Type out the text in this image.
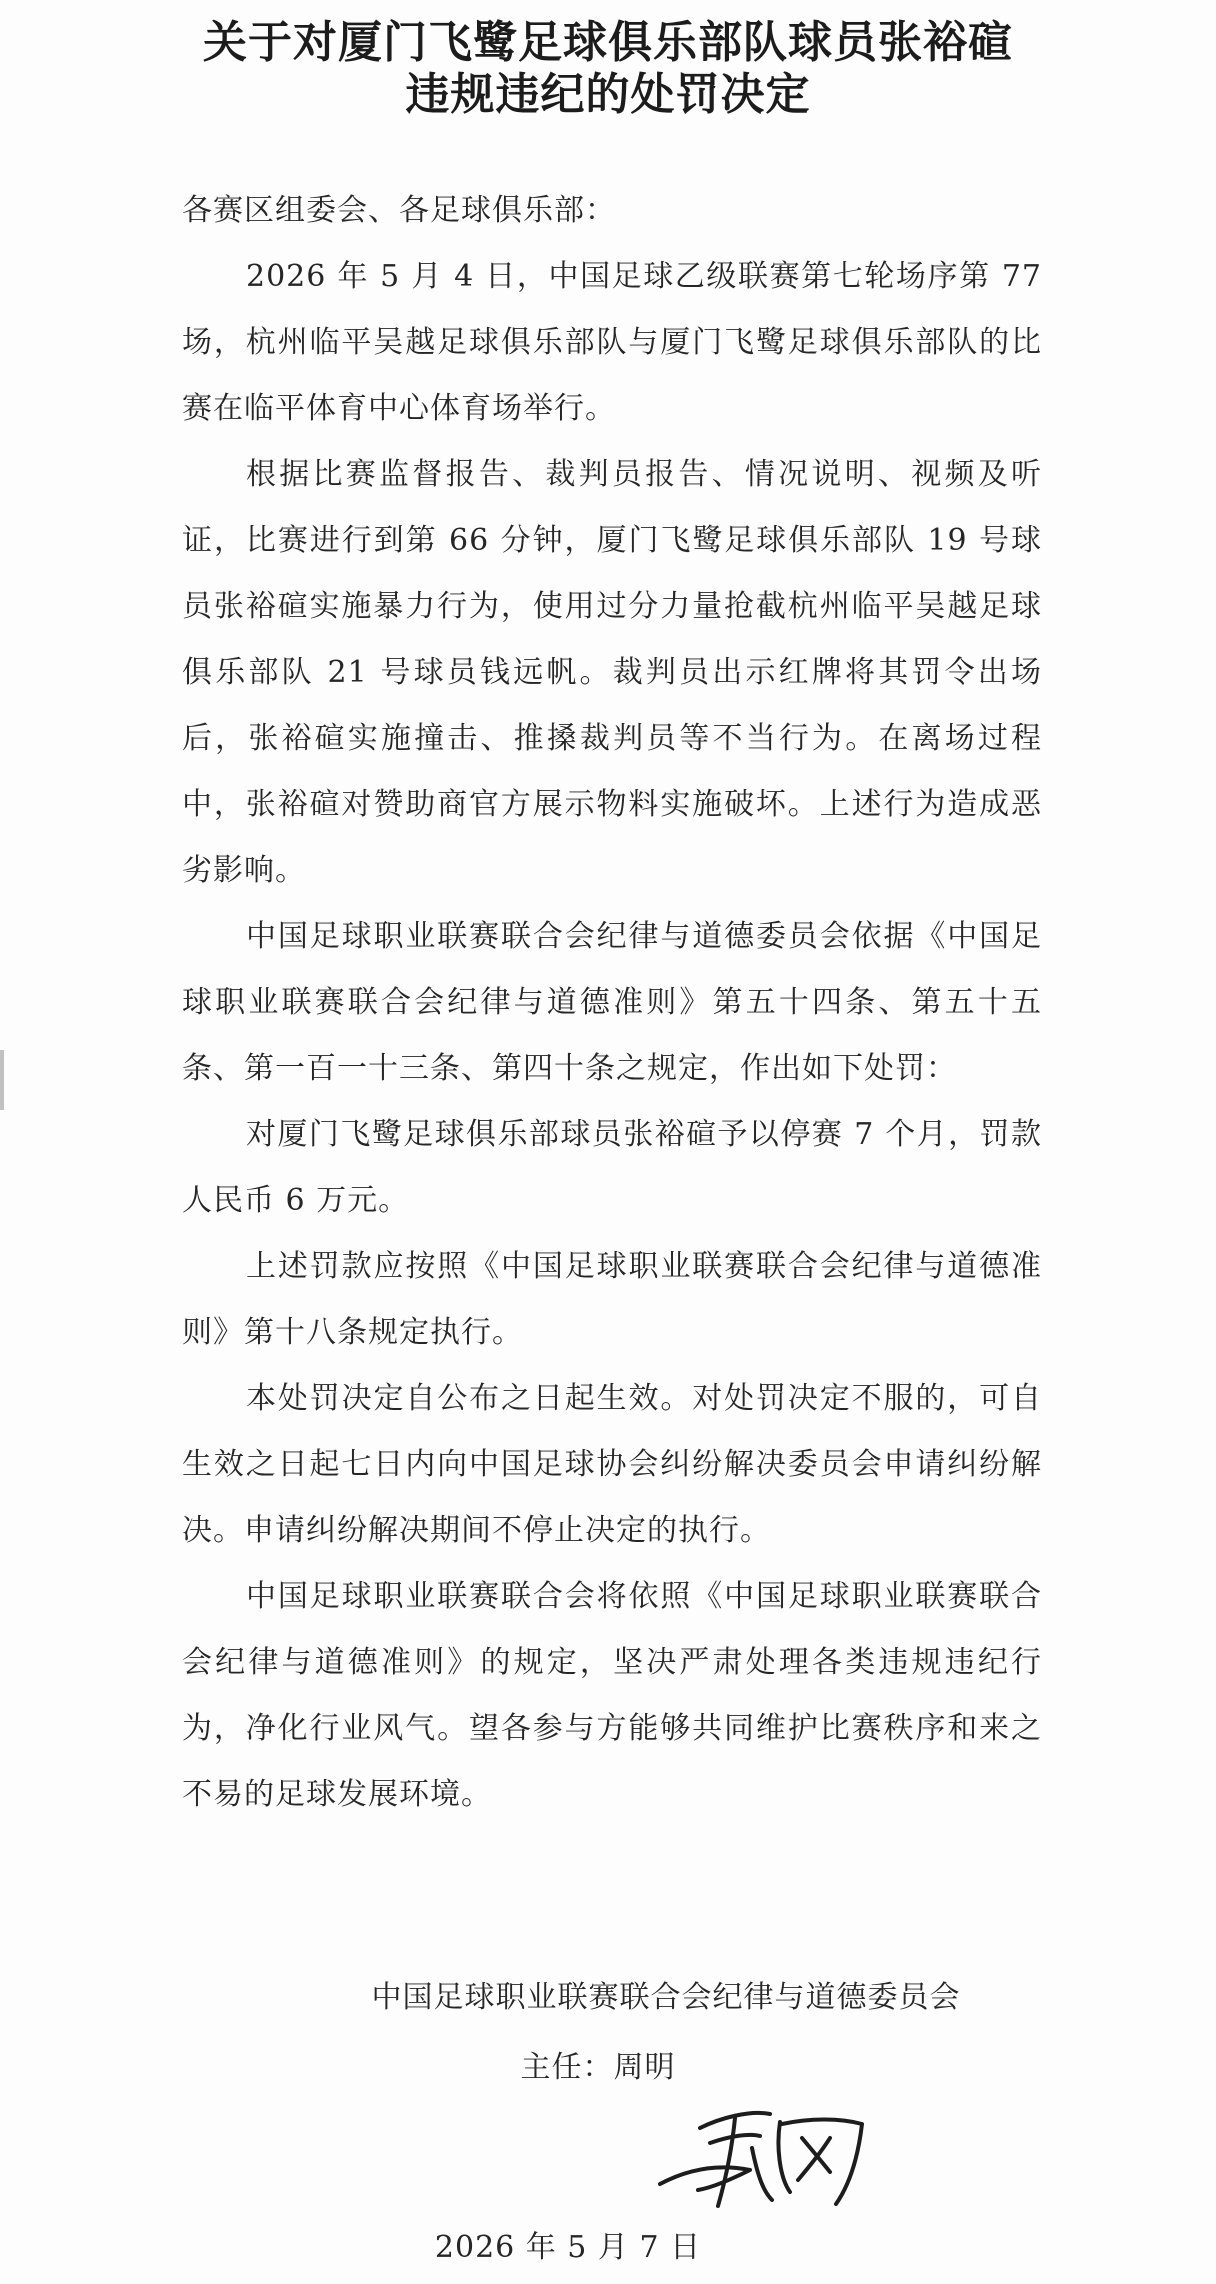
关于对厦门飞鹭足球俱乐部队球员张裕碹
违规违纪的处罚决定
各赛区组委会、各足球俱乐部：

2026 年 5 月 4 日，中国足球乙级联赛第七轮场序第 77 场，杭州临平吴越足球俱乐部队与厦门飞鹭足球俱乐部队的比赛在临平体育中心体育场举行。

根据比赛监督报告、裁判员报告、情况说明、视频及听证，比赛进行到第 66 分钟，厦门飞鹭足球俱乐部队 19 号球员张裕碹实施暴力行为，使用过分力量抢截杭州临平吴越足球俱乐部队 21 号球员钱远帆。裁判员出示红牌将其罚令出场后，张裕碹实施撞击、推搡裁判员等不当行为。在离场过程中，张裕碹对赞助商官方展示物料实施破坏。上述行为造成恶劣影响。

中国足球职业联赛联合会纪律与道德委员会依据《中国足球职业联赛联合会纪律与道德准则》第五十四条、第五十五条、第一百一十三条、第四十条之规定，作出如下处罚：

对厦门飞鹭足球俱乐部球员张裕碹予以停赛 7 个月，罚款人民币 6 万元。

上述罚款应按照《中国足球职业联赛联合会纪律与道德准则》第十八条规定执行。

本处罚决定自公布之日起生效。对处罚决定不服的，可自生效之日起七日内向中国足球协会纠纷解决委员会申请纠纷解决。申请纠纷解决期间不停止决定的执行。

中国足球职业联赛联合会将依照《中国足球职业联赛联合会纪律与道德准则》的规定，坚决严肃处理各类违规违纪行为，净化行业风气。望各参与方能够共同维护比赛秩序和来之不易的足球发展环境。

中国足球职业联赛联合会纪律与道德委员会
主任：周明
2026 年 5 月 7 日
